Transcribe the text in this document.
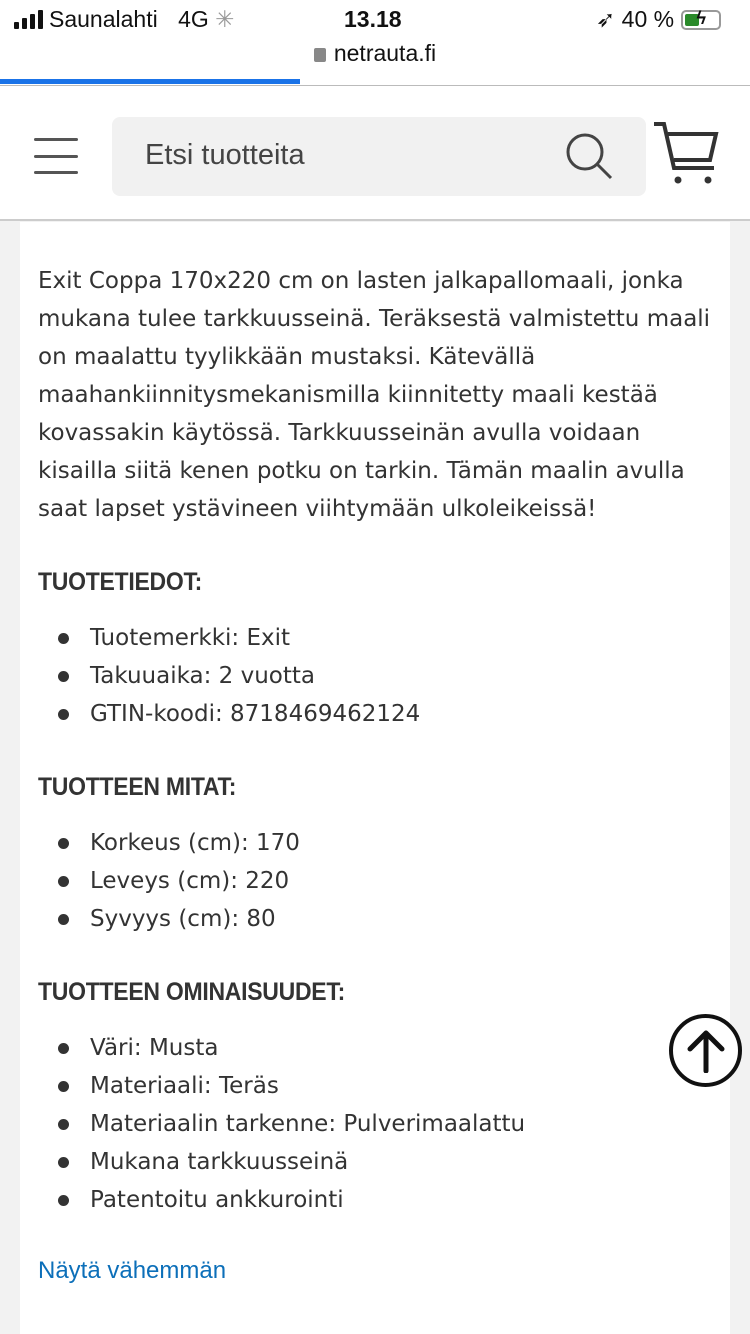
Saunalahti 4G ✳	13.18	➶ 40 % ϟ
netrauta.fi
Etsi tuotteita

Exit Coppa 170x220 cm on lasten jalkapallomaali, jonka mukana tulee tarkkuusseinä. Teräksestä valmistettu maali on maalattu tyylikkään mustaksi. Kätevällä maahankiinnitysmekanismilla kiinnitetty maali kestää kovassakin käytössä. Tarkkuusseinän avulla voidaan kisailla siitä kenen potku on tarkin. Tämän maalin avulla saat lapset ystävineen viihtymään ulkoleikeissä!

TUOTETIEDOT:
Tuotemerkki: Exit
Takuuaika: 2 vuotta
GTIN-koodi: 8718469462124
TUOTTEEN MITAT:
Korkeus (cm): 170
Leveys (cm): 220
Syvyys (cm): 80
TUOTTEEN OMINAISUUDET:
Väri: Musta
Materiaali: Teräs
Materiaalin tarkenne: Pulverimaalattu
Mukana tarkkuusseinä
Patentoitu ankkurointi
Näytä vähemmän
